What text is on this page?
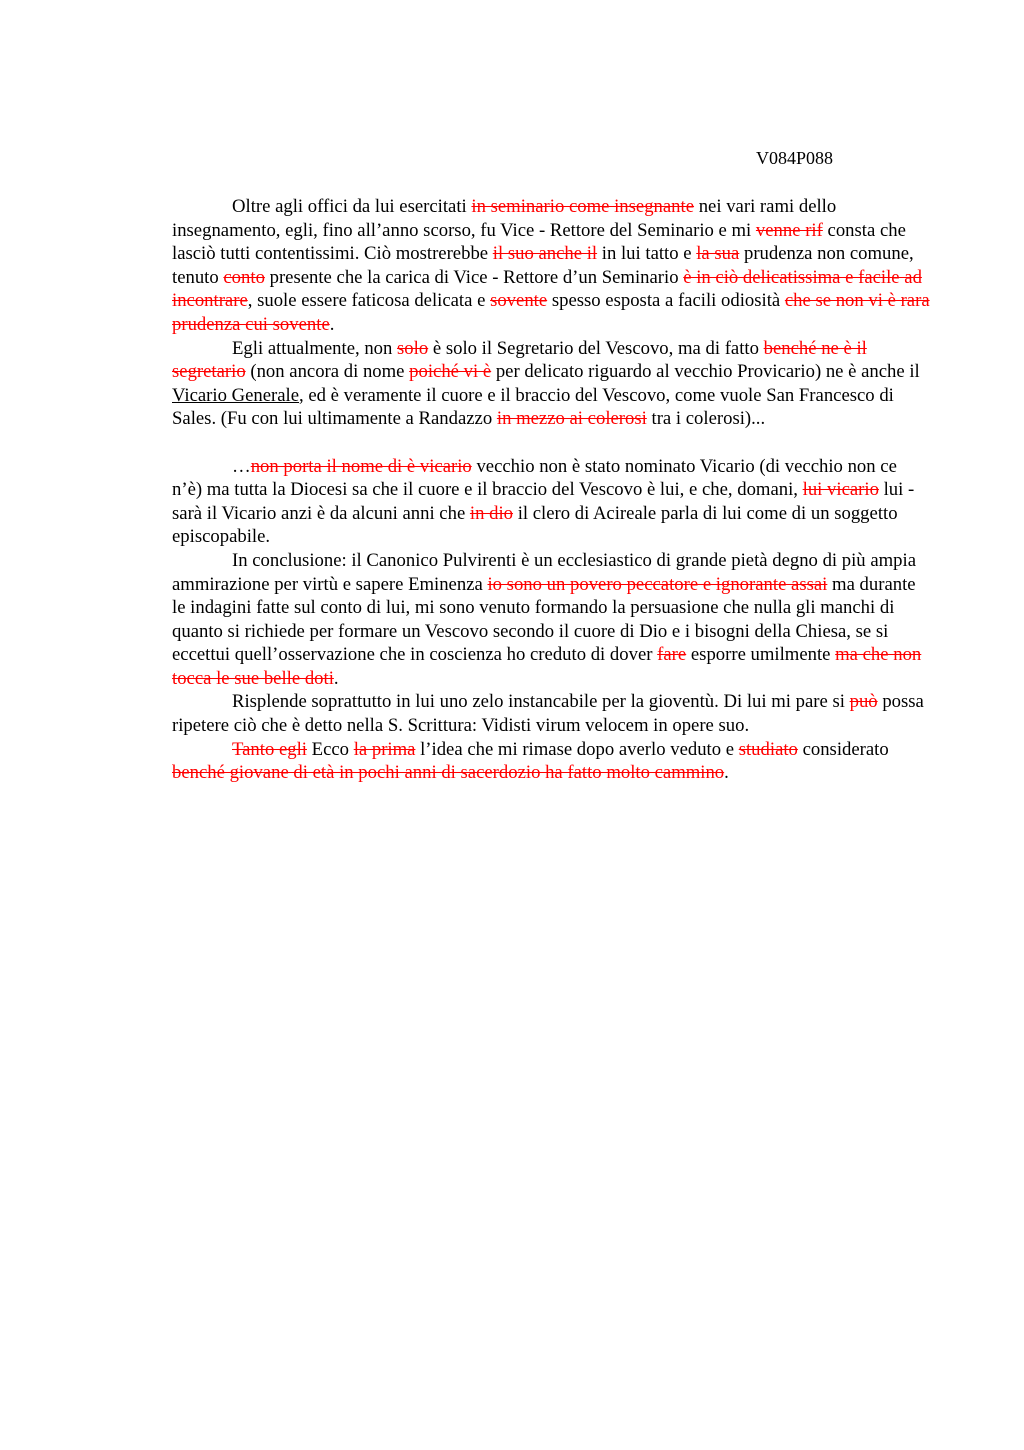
V084P088

Oltre agli offici da lui esercitati in seminario come insegnante nei vari rami dello insegnamento, egli, fino all’anno scorso, fu Vice - Rettore del Seminario e mi venne rif consta che lasciò tutti contentissimi. Ciò mostrerebbe il suo anche il in lui tatto e la sua prudenza non comune, tenuto conto presente che la carica di Vice - Rettore d’un Seminario è in ciò delicatissima e facile ad incontrare, suole essere faticosa delicata e sovente spesso esposta a facili odiosità che se non vi è rara prudenza cui sovente.

Egli attualmente, non solo è solo il Segretario del Vescovo, ma di fatto benché ne è il segretario (non ancora di nome poiché vi è per delicato riguardo al vecchio Provicario) ne è anche il Vicario Generale, ed è veramente il cuore e il braccio del Vescovo, come vuole San Francesco di Sales. (Fu con lui ultimamente a Randazzo in mezzo ai colerosi tra i colerosi)...

…non porta il nome di è vicario vecchio non è stato nominato Vicario (di vecchio non ce n’è) ma tutta la Diocesi sa che il cuore e il braccio del Vescovo è lui, e che, domani, lui vicario lui - sarà il Vicario anzi è da alcuni anni che in dio il clero di Acireale parla di lui come di un soggetto episcopabile.

In conclusione: il Canonico Pulvirenti è un ecclesiastico di grande pietà degno di più ampia ammirazione per virtù e sapere Eminenza io sono un povero peccatore e ignorante assai ma durante le indagini fatte sul conto di lui, mi sono venuto formando la persuasione che nulla gli manchi di quanto si richiede per formare un Vescovo secondo il cuore di Dio e i bisogni della Chiesa, se si eccettui quell’osservazione che in coscienza ho creduto di dover fare esporre umilmente ma che non tocca le sue belle doti.

Risplende soprattutto in lui uno zelo instancabile per la gioventù. Di lui mi pare si può possa ripetere ciò che è detto nella S. Scrittura: Vidisti virum velocem in opere suo.

Tanto egli Ecco la prima l’idea che mi rimase dopo averlo veduto e studiato considerato benché giovane di età in pochi anni di sacerdozio ha fatto molto cammino.
